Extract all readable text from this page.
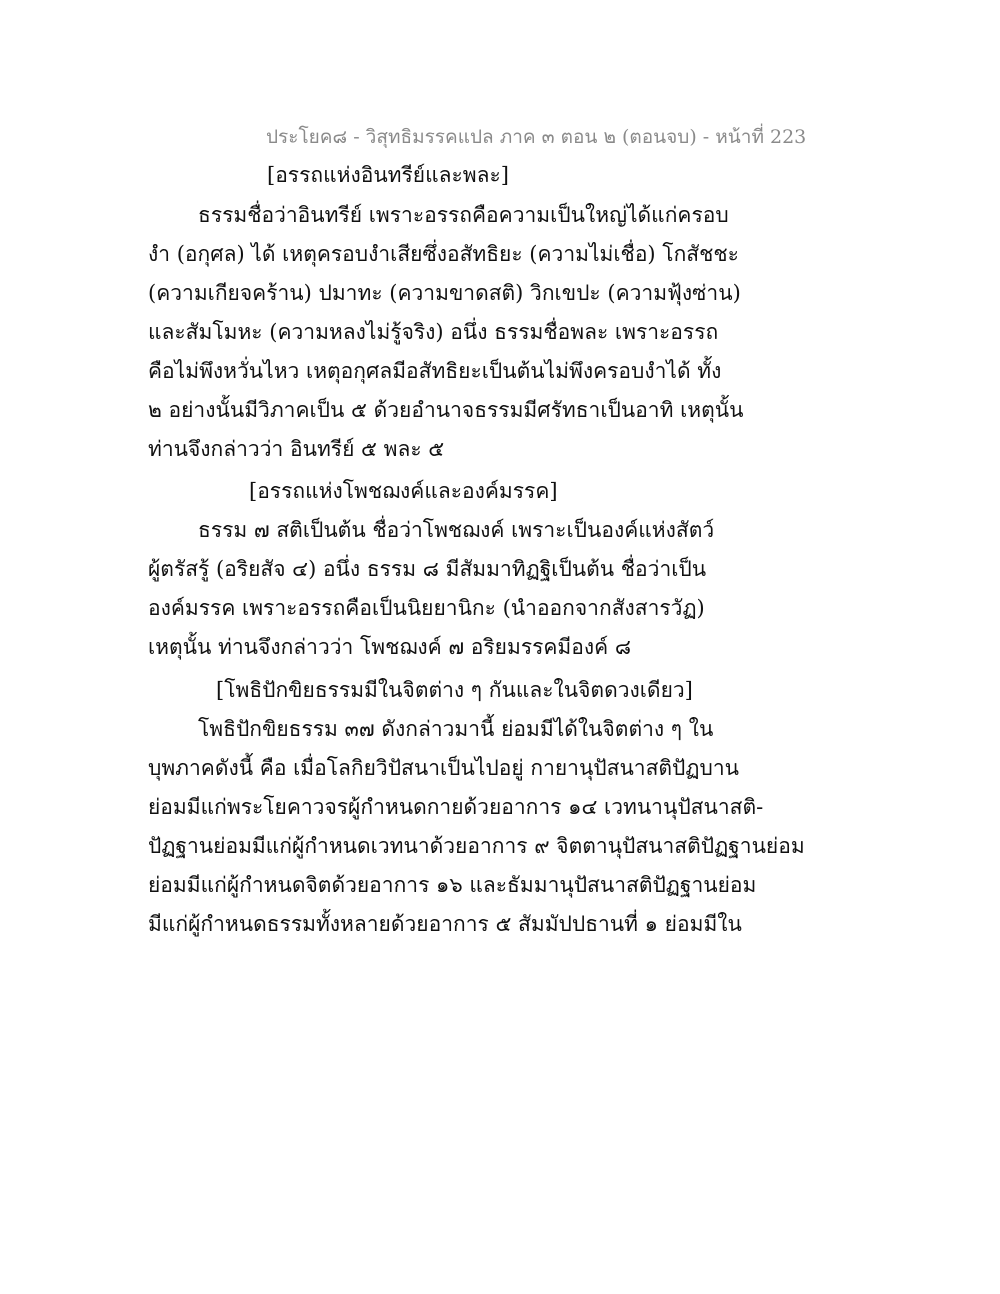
ประโยค๘ - วิสุทธิมรรคแปล ภาค ๓ ตอน ๒ (ตอนจบ) - หน้าที่ 223
[อรรถแห่งอินทรีย์และพละ]
ธรรมชื่อว่าอินทรีย์ เพราะอรรถคือความเป็นใหญ่ได้แก่ครอบ
งำ (อกุศล) ได้ เหตุครอบงำเสียซึ่งอสัทธิยะ (ความไม่เชื่อ) โกสัชชะ
(ความเกียจคร้าน) ปมาทะ (ความขาดสติ) วิกเขปะ (ความฟุ้งซ่าน)
และสัมโมหะ (ความหลงไม่รู้จริง) อนึ่ง ธรรมชื่อพละ เพราะอรรถ
คือไม่พึงหวั่นไหว เหตุอกุศลมีอสัทธิยะเป็นต้นไม่พึงครอบงำได้ ทั้ง
๒ อย่างนั้นมีวิภาคเป็น ๕ ด้วยอำนาจธรรมมีศรัทธาเป็นอาทิ เหตุนั้น
ท่านจึงกล่าวว่า อินทรีย์ ๕ พละ ๕
[อรรถแห่งโพชฌงค์และองค์มรรค]
ธรรม ๗ สติเป็นต้น ชื่อว่าโพชฌงค์ เพราะเป็นองค์แห่งสัตว์
ผู้ตรัสรู้ (อริยสัจ ๔) อนึ่ง ธรรม ๘ มีสัมมาทิฏฐิเป็นต้น ชื่อว่าเป็น
องค์มรรค เพราะอรรถคือเป็นนิยยานิกะ (นำออกจากสังสารวัฏ)
เหตุนั้น ท่านจึงกล่าวว่า โพชฌงค์ ๗ อริยมรรคมีองค์ ๘
[โพธิปักขิยธรรมมีในจิตต่าง ๆ กันและในจิตดวงเดียว]
โพธิปักขิยธรรม ๓๗ ดังกล่าวมานี้ ย่อมมีได้ในจิตต่าง ๆ ใน
บุพภาคดังนี้ คือ เมื่อโลกิยวิปัสนาเป็นไปอยู่ กายานุปัสนาสติปัฏบาน
ย่อมมีแก่พระโยคาวจรผู้กำหนดกายด้วยอาการ ๑๔ เวทนานุปัสนาสติ-
ปัฏฐานย่อมมีแก่ผู้กำหนดเวทนาด้วยอาการ ๙ จิตตานุปัสนาสติปัฏฐานย่อม
ย่อมมีแก่ผู้กำหนดจิตด้วยอาการ ๑๖ และธัมมานุปัสนาสติปัฏฐานย่อม
มีแก่ผู้กำหนดธรรมทั้งหลายด้วยอาการ ๕ สัมมัปปธานที่ ๑ ย่อมมีใน
